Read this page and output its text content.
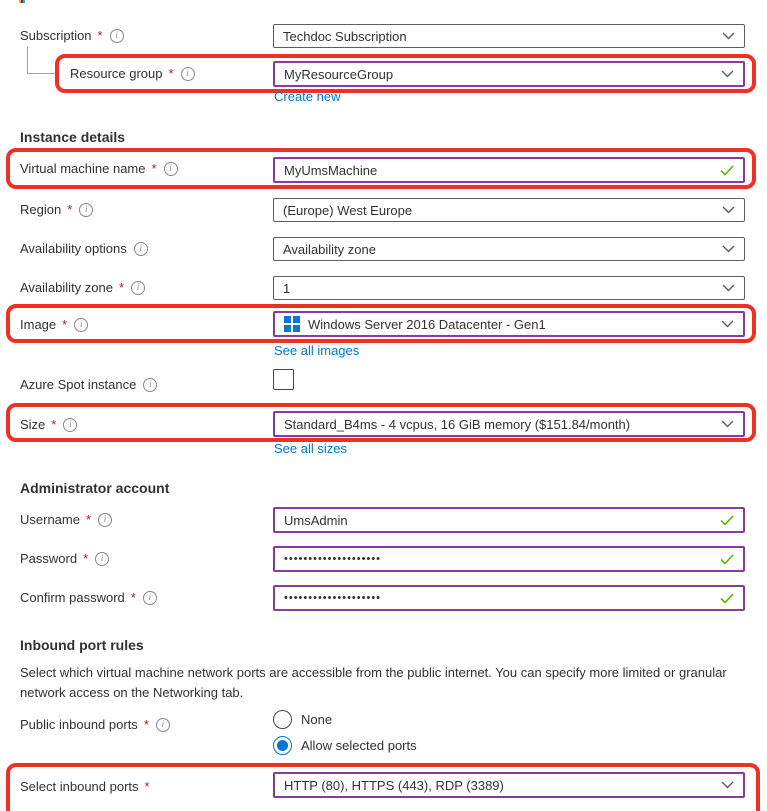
Subscription *	i	Techdoc Subscription
Resource group *	i	MyResourceGroup
Create new
Instance details
Virtual machine name *	i	MyUmsMachine
Region *	i	(Europe) West Europe
Availability options	i	Availability zone
Availability zone *	i	1
Image *	i	Windows Server 2016 Datacenter - Gen1
See all images
Azure Spot instance	i
Size *	i	Standard_B4ms - 4 vcpus, 16 GiB memory ($151.84/month)
See all sizes
Administrator account
Username *	i	UmsAdmin
Password *	i	••••••••••••••••••••
Confirm password *	i	••••••••••••••••••••
Inbound port rules
Select which virtual machine network ports are accessible from the public internet. You can specify more limited or granular network access on the Networking tab.
Public inbound ports *	i	None
Allow selected ports
Select inbound ports *	HTTP (80), HTTPS (443), RDP (3389)
